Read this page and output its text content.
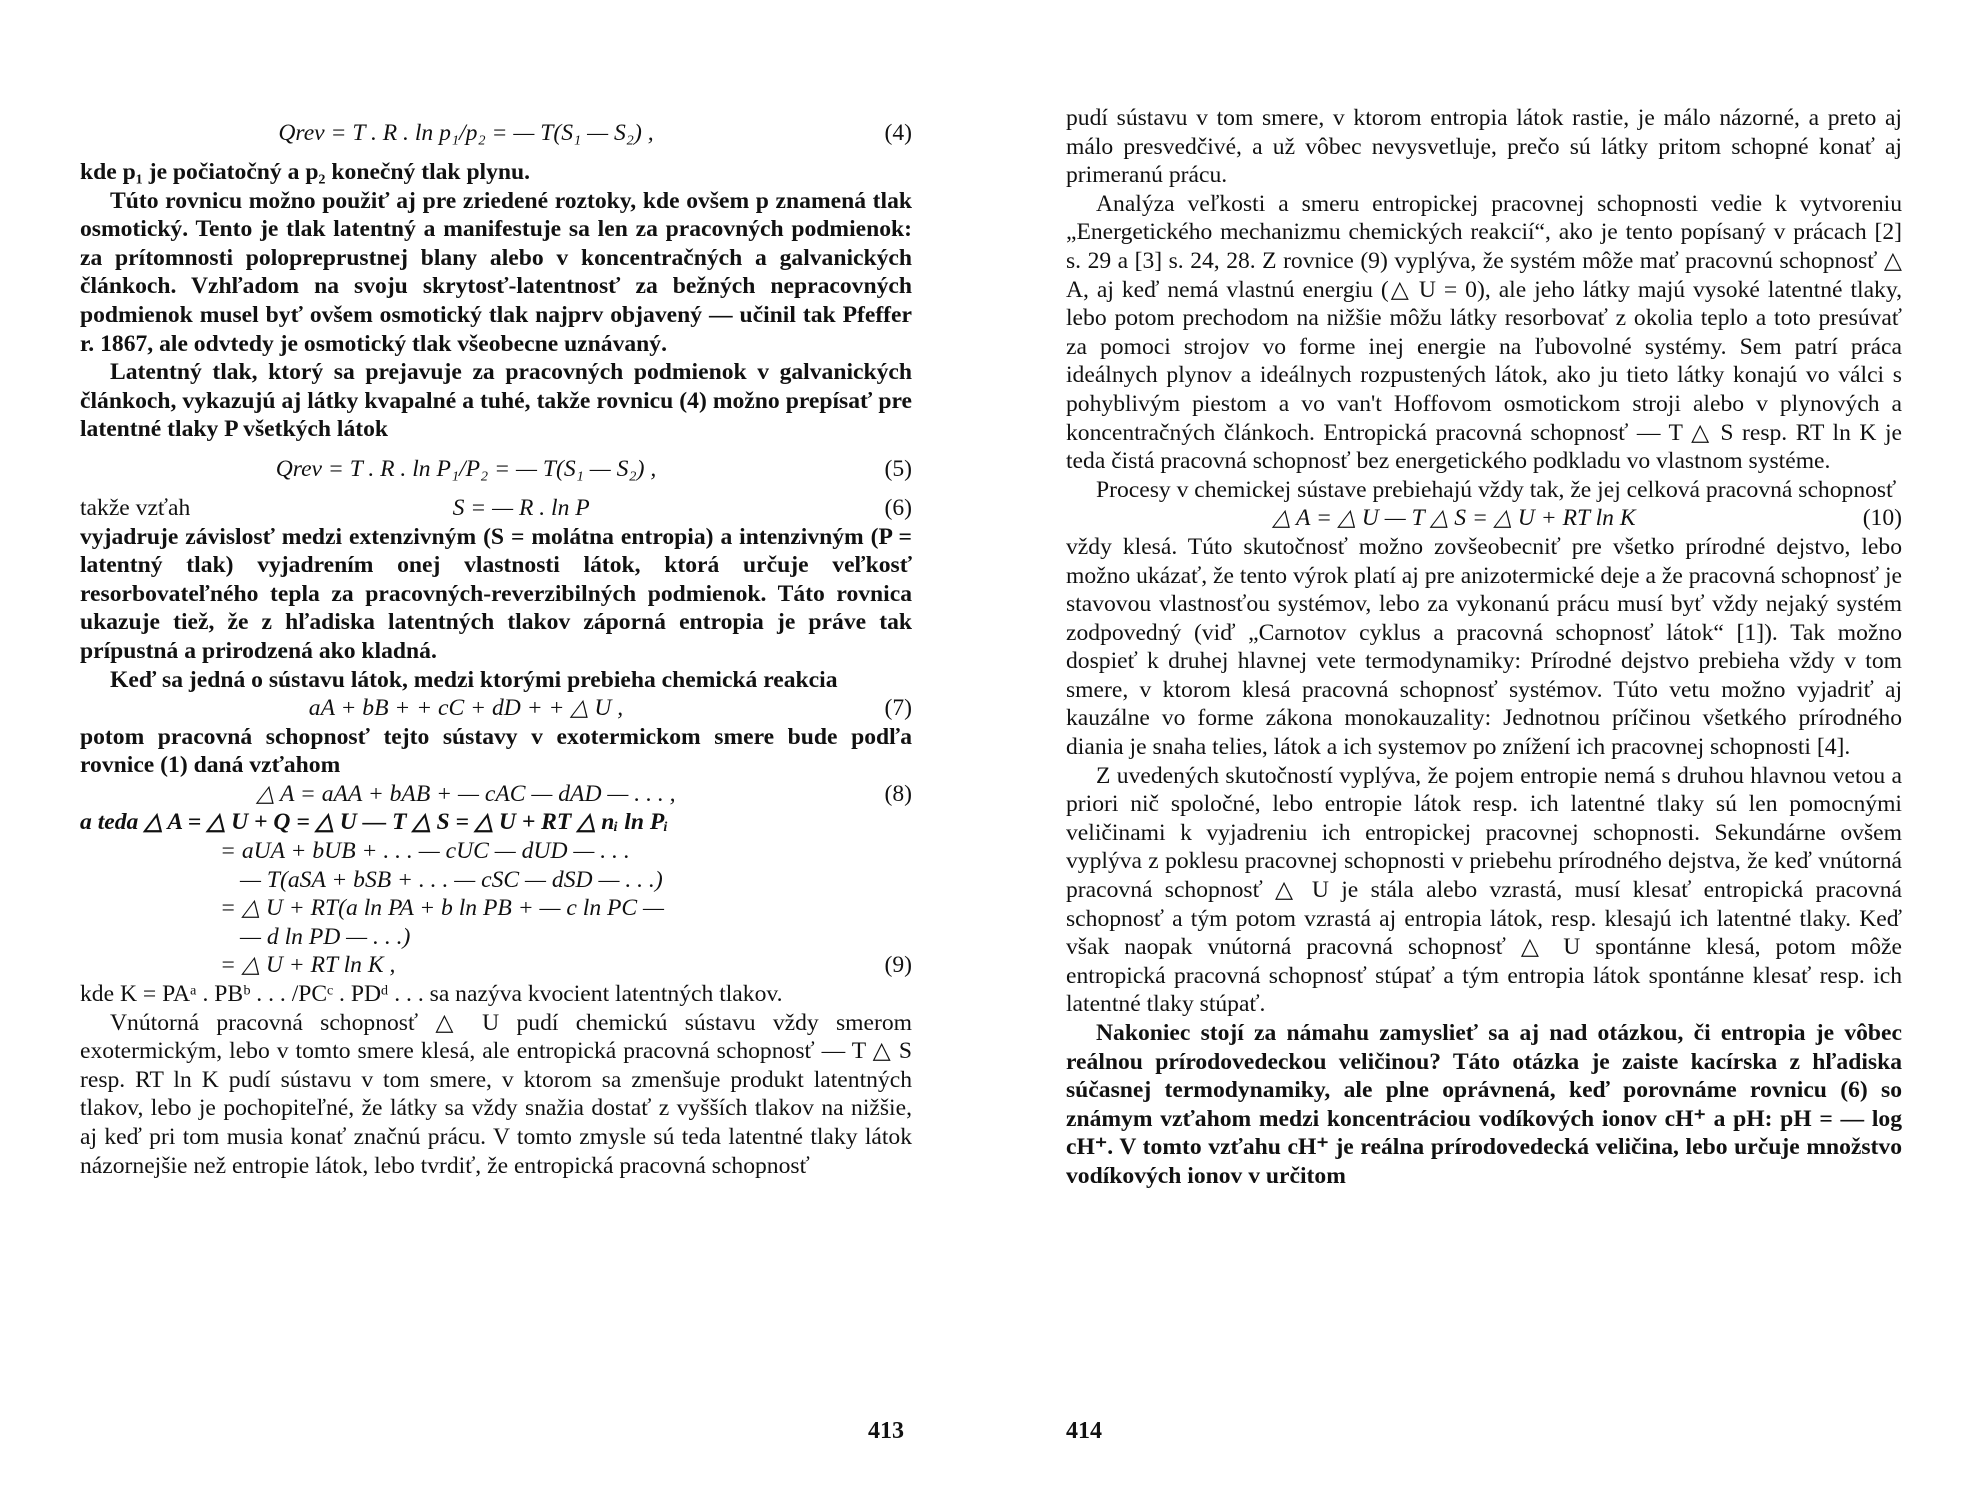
Qrev = T . R . ln p₁/p₂ = — T(S₁ — S₂) ,	(4)

kde p₁ je počiatočný a p₂ konečný tlak plynu.

Túto rovnicu možno použiť aj pre zriedené roztoky, kde ovšem p znamená tlak osmotický. Tento je tlak latentný a manifestuje sa len za pracovných podmienok: za prítomnosti polopreprustnej blany alebo v koncentračných a galvanických článkoch. Vzhľadom na svoju skrytosť-latentnosť za bežných nepracovných podmienok musel byť ovšem osmotický tlak najprv objavený — učinil tak Pfeffer r. 1867, ale odvtedy je osmotický tlak všeobecne uznávaný.

Latentný tlak, ktorý sa prejavuje za pracovných podmienok v galvanických článkoch, vykazujú aj látky kvapalné a tuhé, takže rovnicu (4) možno prepísať pre latentné tlaky P všetkých látok

Qrev = T . R . ln P₁/P₂ = — T(S₁ — S₂) ,	(5)
takže vzťah	S = — R . ln P	(6)

vyjadruje závislosť medzi extenzivným (S = molátna entropia) a intenzivným (P = latentný tlak) vyjadrením onej vlastnosti látok, ktorá určuje veľkosť resorbovateľného tepla za pracovných-reverzibilných podmienok. Táto rovnica ukazuje tiež, že z hľadiska latentných tlakov záporná entropia je práve tak prípustná a prirodzená ako kladná.

Keď sa jedná o sústavu látok, medzi ktorými prebieha chemická reakcia

aA + bB + + cC + dD + + △ U ,	(7)

potom pracovná schopnosť tejto sústavy v exotermickom smere bude podľa rovnice (1) daná vzťahom

△ A = aAA + bAB + — cAC — dAD — . . . ,	(8)
a teda △ A = △ U + Q = △ U — T △ S = △ U + RT △ nᵢ ln Pᵢ
= aUA + bUB + . . . — cUC — dUD — . . .
— T(aSA + bSB + . . . — cSC — dSD — . . .)
= △ U + RT(a ln PA + b ln PB + — c ln PC —
— d ln PD — . . .)
= △ U + RT ln K ,	(9)

kde K = PAᵃ . PBᵇ . . . /PCᶜ . PDᵈ . . . sa nazýva kvocient latentných tlakov.

Vnútorná pracovná schopnosť △ U pudí chemickú sústavu vždy smerom exotermickým, lebo v tomto smere klesá, ale entropická pracovná schopnosť — T △ S resp. RT ln K pudí sústavu v tom smere, v ktorom sa zmenšuje produkt latentných tlakov, lebo je pochopiteľné, že látky sa vždy snažia dostať z vyšších tlakov na nižšie, aj keď pri tom musia konať značnú prácu. V tomto zmysle sú teda latentné tlaky látok názornejšie než entropie látok, lebo tvrdiť, že entropická pracovná schopnosť

413

pudí sústavu v tom smere, v ktorom entropia látok rastie, je málo názorné, a preto aj málo presvedčivé, a už vôbec nevysvetluje, prečo sú látky pritom schopné konať aj primeranú prácu.

Analýza veľkosti a smeru entropickej pracovnej schopnosti vedie k vytvoreniu „Energetického mechanizmu chemických reakcií“, ako je tento popísaný v prácach [2] s. 29 a [3] s. 24, 28. Z rovnice (9) vyplýva, že systém môže mať pracovnú schopnosť △ A, aj keď nemá vlastnú energiu (△ U = 0), ale jeho látky majú vysoké latentné tlaky, lebo potom prechodom na nižšie môžu látky resorbovať z okolia teplo a toto presúvať za pomoci strojov vo forme inej energie na ľubovolné systémy. Sem patrí práca ideálnych plynov a ideálnych rozpustených látok, ako ju tieto látky konajú vo válci s pohyblivým piestom a vo van't Hoffovom osmotickom stroji alebo v plynových a koncentračných článkoch. Entropická pracovná schopnosť — T △ S resp. RT ln K je teda čistá pracovná schopnosť bez energetického podkladu vo vlastnom systéme.

Procesy v chemickej sústave prebiehajú vždy tak, že jej celková pracovná schopnosť

△ A = △ U — T △ S = △ U + RT ln K	(10)

vždy klesá. Túto skutočnosť možno zovšeobecniť pre všetko prírodné dejstvo, lebo možno ukázať, že tento výrok platí aj pre anizotermické deje a že pracovná schopnosť je stavovou vlastnosťou systémov, lebo za vykonanú prácu musí byť vždy nejaký systém zodpovedný (viď „Carnotov cyklus a pracovná schopnosť látok“ [1]). Tak možno dospieť k druhej hlavnej vete termodynamiky: Prírodné dejstvo prebieha vždy v tom smere, v ktorom klesá pracovná schopnosť systémov. Túto vetu možno vyjadriť aj kauzálne vo forme zákona monokauzality: Jednotnou príčinou všetkého prírodného diania je snaha telies, látok a ich systemov po znížení ich pracovnej schopnosti [4].

Z uvedených skutočností vyplýva, že pojem entropie nemá s druhou hlavnou vetou a priori nič spoločné, lebo entropie látok resp. ich latentné tlaky sú len pomocnými veličinami k vyjadreniu ich entropickej pracovnej schopnosti. Sekundárne ovšem vyplýva z poklesu pracovnej schopnosti v priebehu prírodného dejstva, že keď vnútorná pracovná schopnosť △ U je stála alebo vzrastá, musí klesať entropická pracovná schopnosť a tým potom vzrastá aj entropia látok, resp. klesajú ich latentné tlaky. Keď však naopak vnútorná pracovná schopnosť △ U spontánne klesá, potom môže entropická pracovná schopnosť stúpať a tým entropia látok spontánne klesať resp. ich latentné tlaky stúpať.

Nakoniec stojí za námahu zamyslieť sa aj nad otázkou, či entropia je vôbec reálnou prírodovedeckou veličinou? Táto otázka je zaiste kacírska z hľadiska súčasnej termodynamiky, ale plne oprávnená, keď porovnáme rovnicu (6) so známym vzťahom medzi koncentráciou vodíkových ionov cH⁺ a pH: pH = — log cH⁺. V tomto vzťahu cH⁺ je reálna prírodovedecká veličina, lebo určuje množstvo vodíkových ionov v určitom

414
